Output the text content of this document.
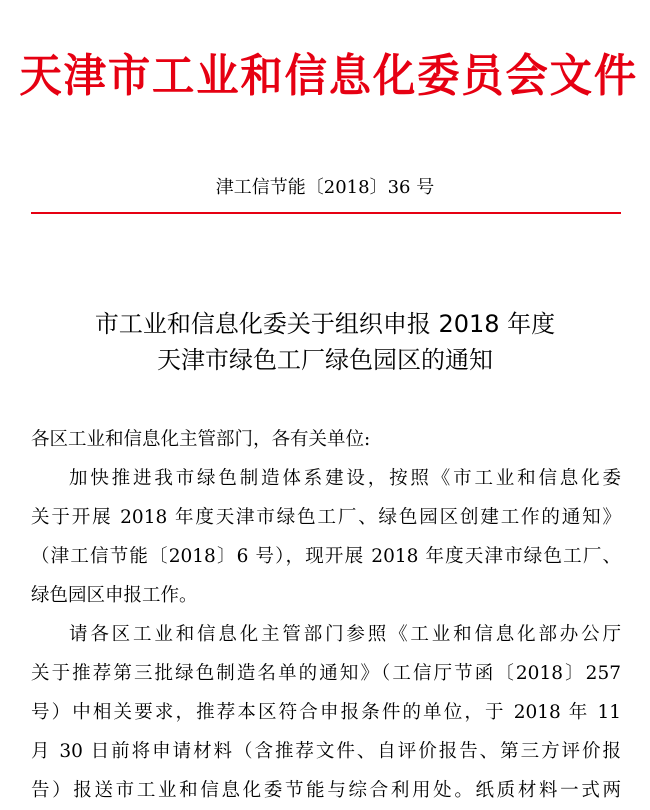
天津市工业和信息化委员会文件
津工信节能〔2018〕36 号
市工业和信息化委关于组织申报 2018 年度
天津市绿色工厂绿色园区的通知
各区工业和信息化主管部门，各有关单位:
加快推进我市绿色制造体系建设，按照《市工业和信息化委
关于开展 2018 年度天津市绿色工厂、绿色园区创建工作的通知》
（津工信节能〔2018〕6 号），现开展 2018 年度天津市绿色工厂、
绿色园区申报工作。
请各区工业和信息化主管部门参照《工业和信息化部办公厅
关于推荐第三批绿色制造名单的通知》（工信厅节函〔2018〕257
号）中相关要求，推荐本区符合申报条件的单位，于 2018 年 11
月 30 日前将申请材料（含推荐文件、自评价报告、第三方评价报
告）报送市工业和信息化委节能与综合利用处。纸质材料一式两
